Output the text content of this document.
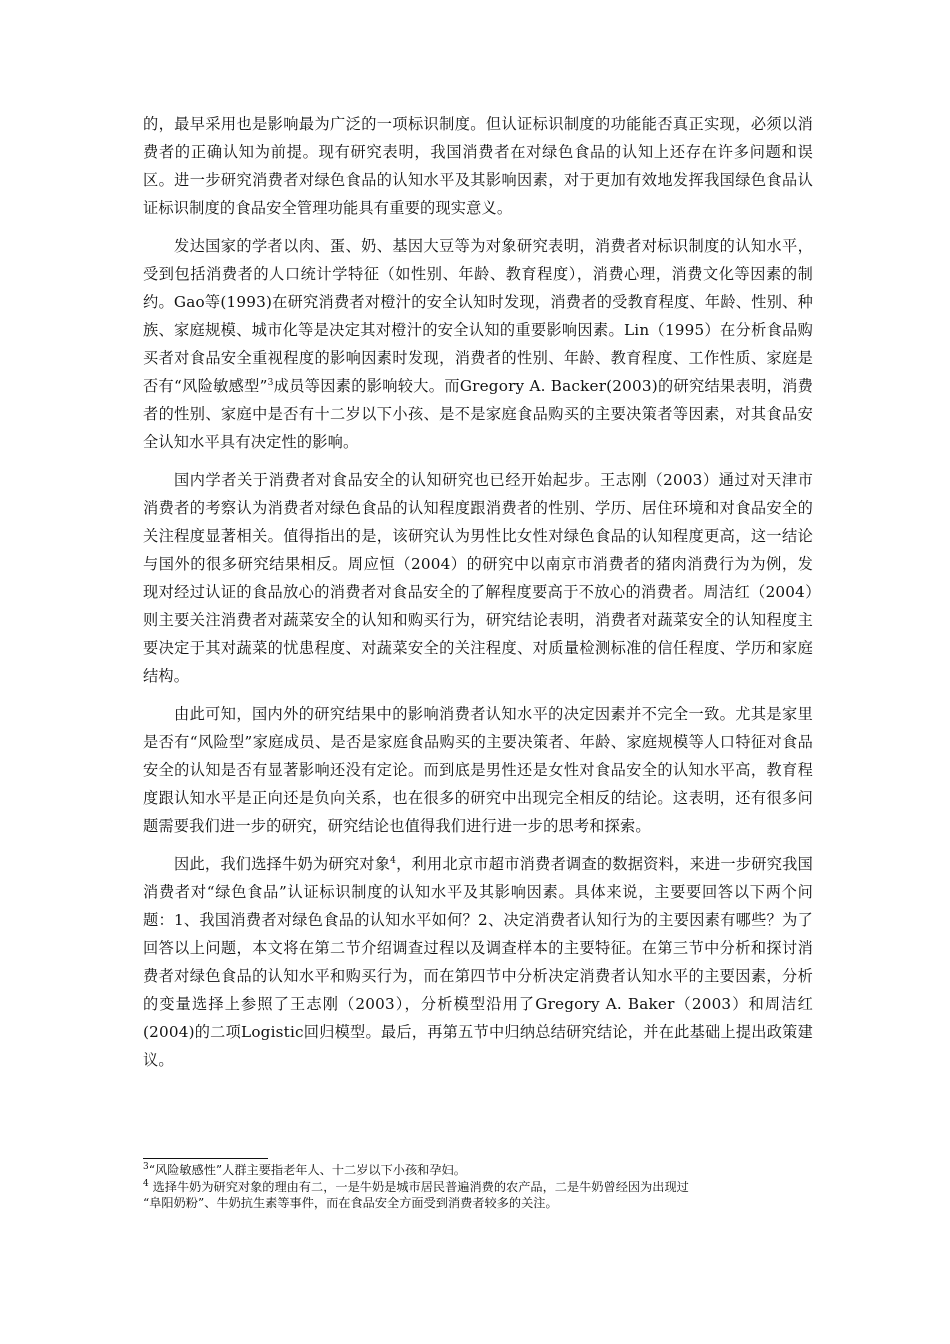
的，最早采用也是影响最为广泛的一项标识制度。但认证标识制度的功能能否真正实现，必须以消费者的正确认知为前提。现有研究表明，我国消费者在对绿色食品的认知上还存在许多问题和误区。进一步研究消费者对绿色食品的认知水平及其影响因素，对于更加有效地发挥我国绿色食品认证标识制度的食品安全管理功能具有重要的现实意义。

发达国家的学者以肉、蛋、奶、基因大豆等为对象研究表明，消费者对标识制度的认知水平，受到包括消费者的人口统计学特征（如性别、年龄、教育程度），消费心理，消费文化等因素的制约。Gao等(1993)在研究消费者对橙汁的安全认知时发现，消费者的受教育程度、年龄、性别、种族、家庭规模、城市化等是决定其对橙汁的安全认知的重要影响因素。Lin（1995）在分析食品购买者对食品安全重视程度的影响因素时发现，消费者的性别、年龄、教育程度、工作性质、家庭是否有“风险敏感型”$^3$成员等因素的影响较大。而Gregory A. Backer(2003)的研究结果表明，消费者的性别、家庭中是否有十二岁以下小孩、是不是家庭食品购买的主要决策者等因素，对其食品安全认知水平具有决定性的影响。

国内学者关于消费者对食品安全的认知研究也已经开始起步。王志刚（2003）通过对天津市消费者的考察认为消费者对绿色食品的认知程度跟消费者的性别、学历、居住环境和对食品安全的关注程度显著相关。值得指出的是，该研究认为男性比女性对绿色食品的认知程度更高，这一结论与国外的很多研究结果相反。周应恒（2004）的研究中以南京市消费者的猪肉消费行为为例，发现对经过认证的食品放心的消费者对食品安全的了解程度要高于不放心的消费者。周洁红（2004）则主要关注消费者对蔬菜安全的认知和购买行为，研究结论表明，消费者对蔬菜安全的认知程度主要决定于其对蔬菜的忧患程度、对蔬菜安全的关注程度、对质量检测标准的信任程度、学历和家庭结构。

由此可知，国内外的研究结果中的影响消费者认知水平的决定因素并不完全一致。尤其是家里是否有“风险型”家庭成员、是否是家庭食品购买的主要决策者、年龄、家庭规模等人口特征对食品安全的认知是否有显著影响还没有定论。而到底是男性还是女性对食品安全的认知水平高，教育程度跟认知水平是正向还是负向关系，也在很多的研究中出现完全相反的结论。这表明，还有很多问题需要我们进一步的研究，研究结论也值得我们进行进一步的思考和探索。

因此，我们选择牛奶为研究对象$^4$，利用北京市超市消费者调查的数据资料，来进一步研究我国消费者对“绿色食品”认证标识制度的认知水平及其影响因素。具体来说，主要要回答以下两个问题：1、我国消费者对绿色食品的认知水平如何？2、决定消费者认知行为的主要因素有哪些？为了回答以上问题，本文将在第二节介绍调查过程以及调查样本的主要特征。在第三节中分析和探讨消费者对绿色食品的认知水平和购买行为，而在第四节中分析决定消费者认知水平的主要因素，分析的变量选择上参照了王志刚（2003），分析模型沿用了Gregory A. Baker（2003）和周洁红(2004)的二项Logistic回归模型。最后，再第五节中归纳总结研究结论，并在此基础上提出政策建议。

$^3$“风险敏感性”人群主要指老年人、十二岁以下小孩和孕妇。

$^4$ 选择牛奶为研究对象的理由有二，一是牛奶是城市居民普遍消费的农产品，二是牛奶曾经因为出现过
“阜阳奶粉”、牛奶抗生素等事件，而在食品安全方面受到消费者较多的关注。
